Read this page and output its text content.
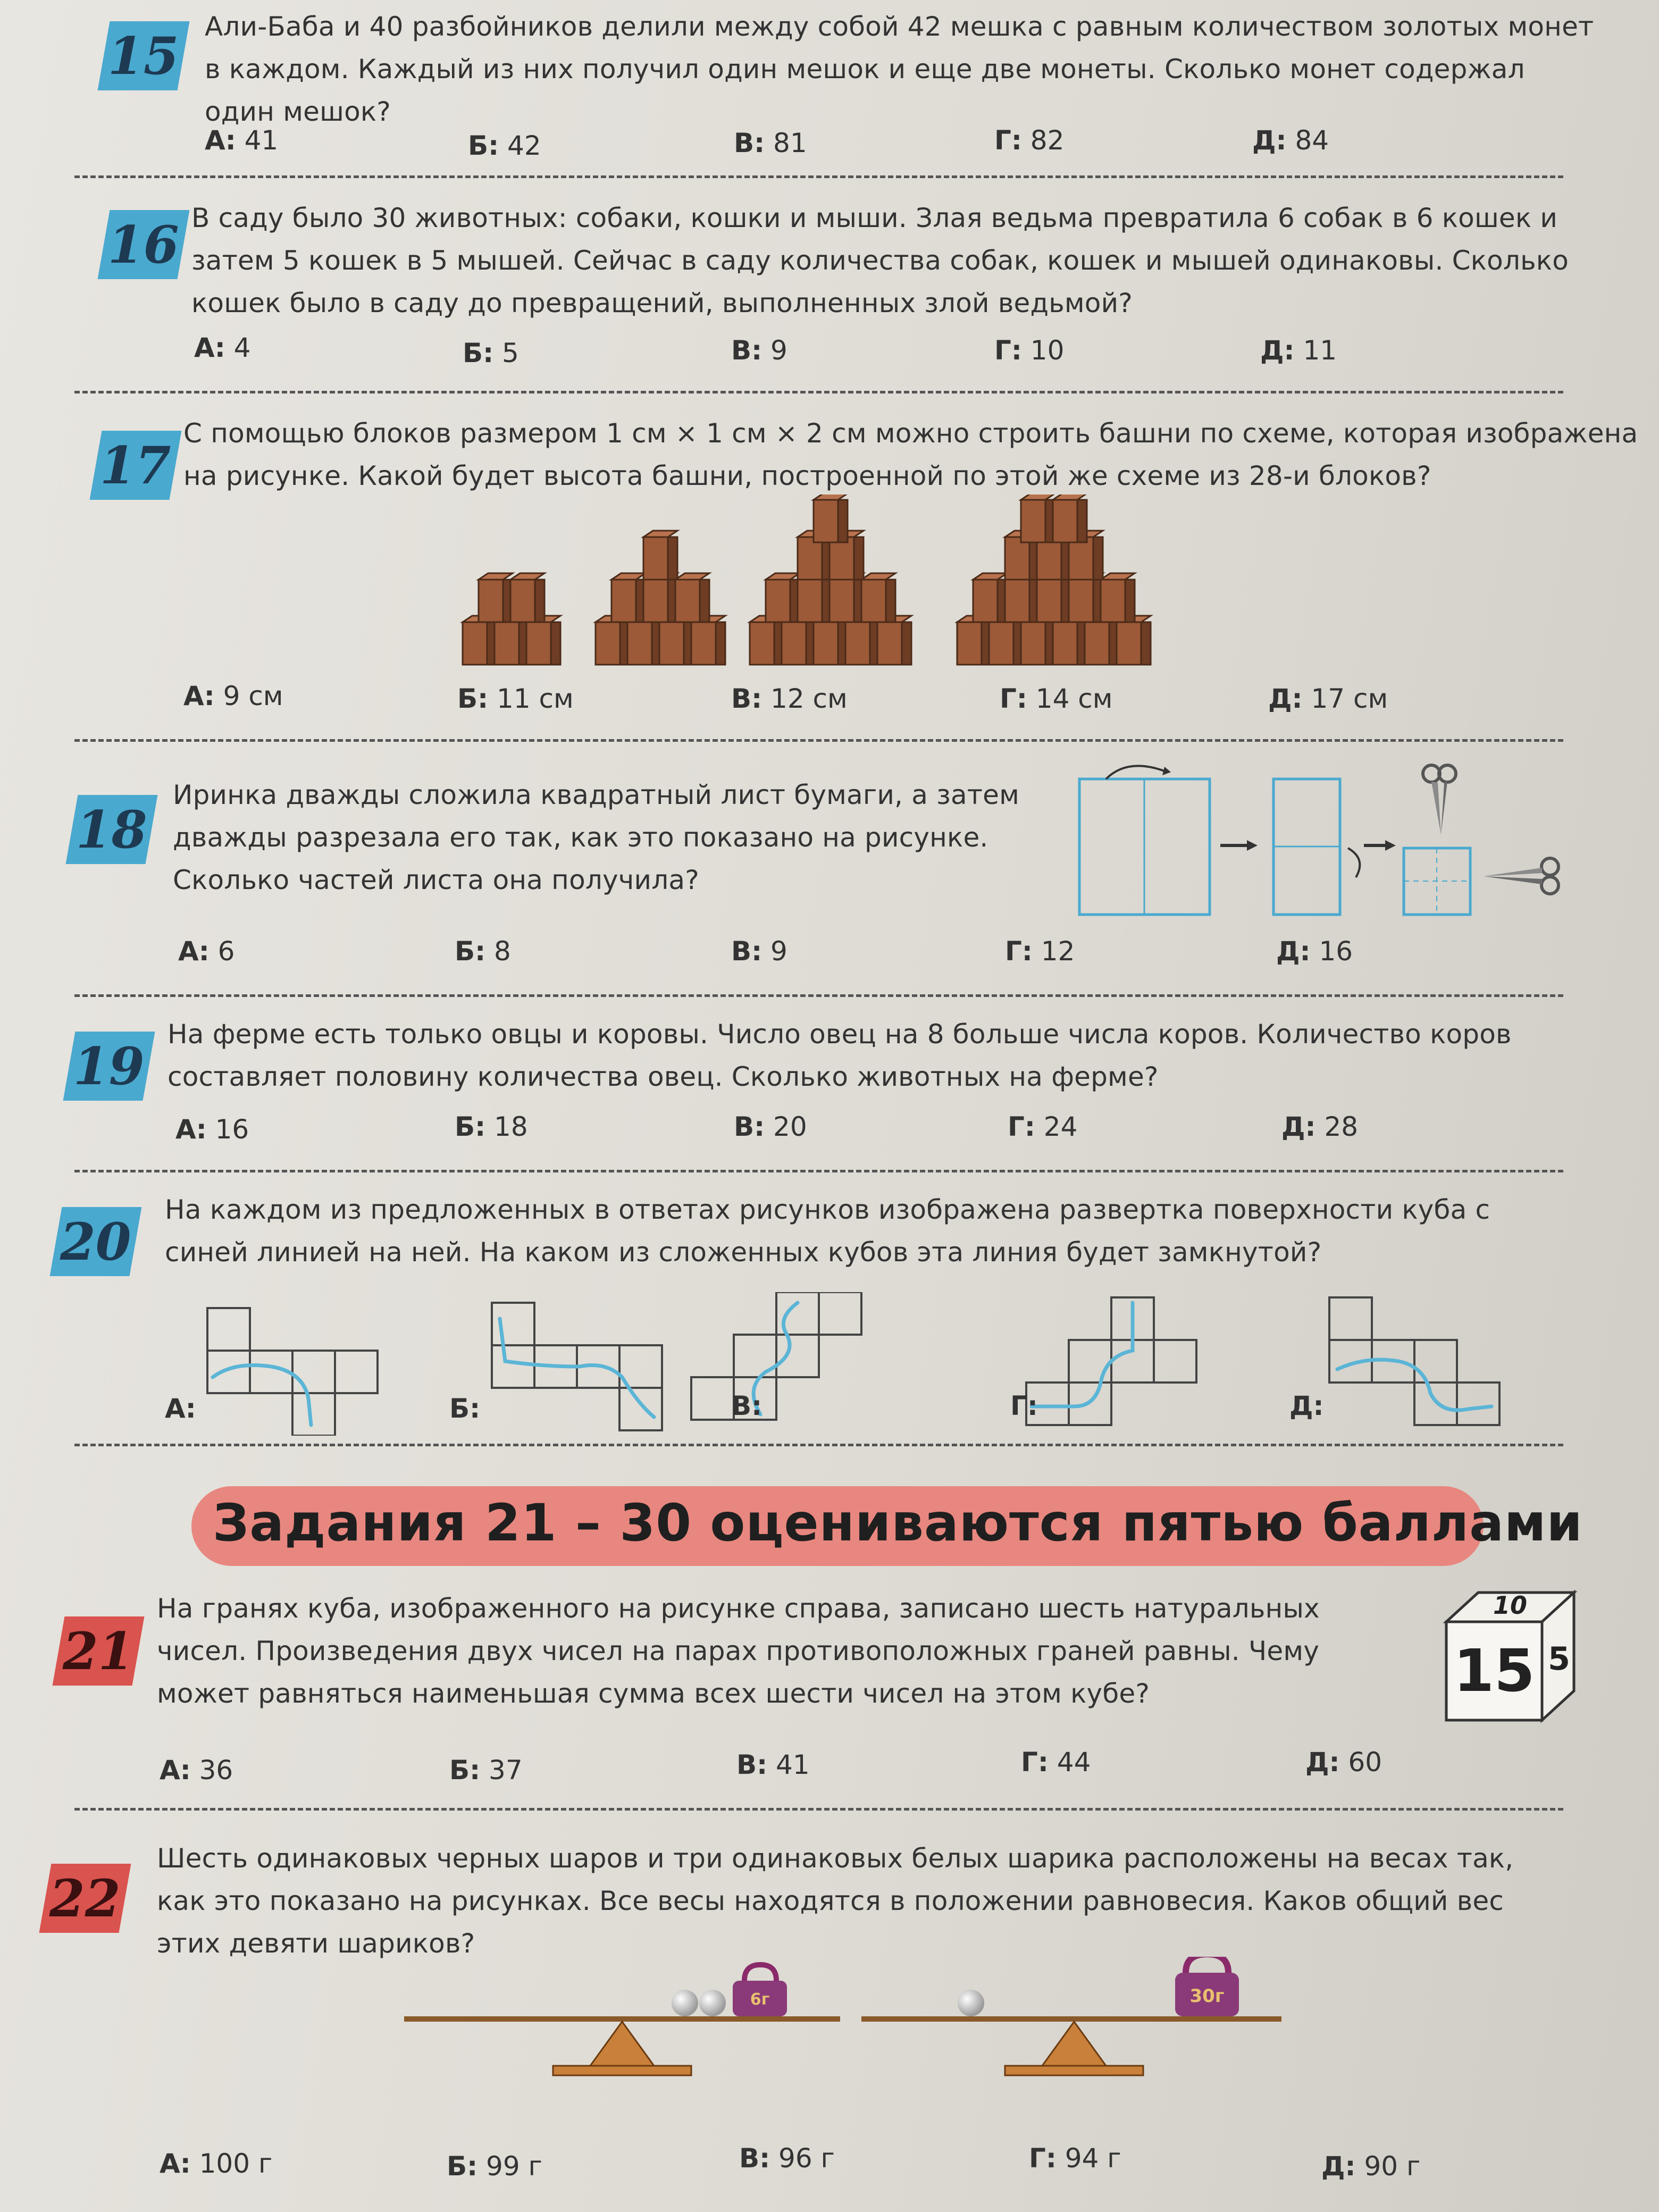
15 Али-Баба и 40 разбойников делили между собой 42 мешка с равным количеством золотых монет
в каждом. Каждый из них получил один мешок и еще две монеты. Сколько монет содержал
один мешок?
А: 41	Б: 42	В: 81	Г: 82	Д: 84
16 В саду было 30 животных: собаки, кошки и мыши. Злая ведьма превратила 6 собак в 6 кошек и
затем 5 кошек в 5 мышей. Сейчас в саду количества собак, кошек и мышей одинаковы. Сколько
кошек было в саду до превращений, выполненных злой ведьмой?
А: 4	Б: 5	В: 9	Г: 10	Д: 11
17
С помощью блоков размером 1 см × 1 см × 2 см можно строить башни по схеме, которая изображена
на рисунке. Какой будет высота башни, построенной по этой же схеме из 28-и блоков?
А: 9 см	Б: 11 см	В: 12 см	Г: 14 см	Д: 17 см
18
Иринка дважды сложила квадратный лист бумаги, а затем
дважды разрезала его так, как это показано на рисунке.
Сколько частей листа она получила?
А: 6	Б: 8	В: 9	Г: 12	Д: 16
19
На ферме есть только овцы и коровы. Число овец на 8 больше числа коров. Количество коров
составляет половину количества овец. Сколько животных на ферме?
А: 16	Б: 18	В: 20	Г: 24	Д: 28
20
На каждом из предложенных в ответах рисунков изображена развертка поверхности куба с
синей линией на ней. На каком из сложенных кубов эта линия будет замкнутой?
А:	Б:	В:	Г:	Д:
Задания 21 – 30 оцениваются пятью баллами
21
На гранях куба, изображенного на рисунке справа, записано шесть натуральных
чисел. Произведения двух чисел на парах противоположных граней равны. Чему
может равняться наименьшая сумма всех шести чисел на этом кубе?
10
15 5
А: 36	Б: 37	В: 41	Г: 44	Д: 60
22
Шесть одинаковых черных шаров и три одинаковых белых шарика расположены на весах так,
как это показано на рисунках. Все весы находятся в положении равновесия. Каков общий вес
этих девяти шариков?
6г	30г
А: 100 г	Б: 99 г	В: 96 г	Г: 94 г	Д: 90 г
